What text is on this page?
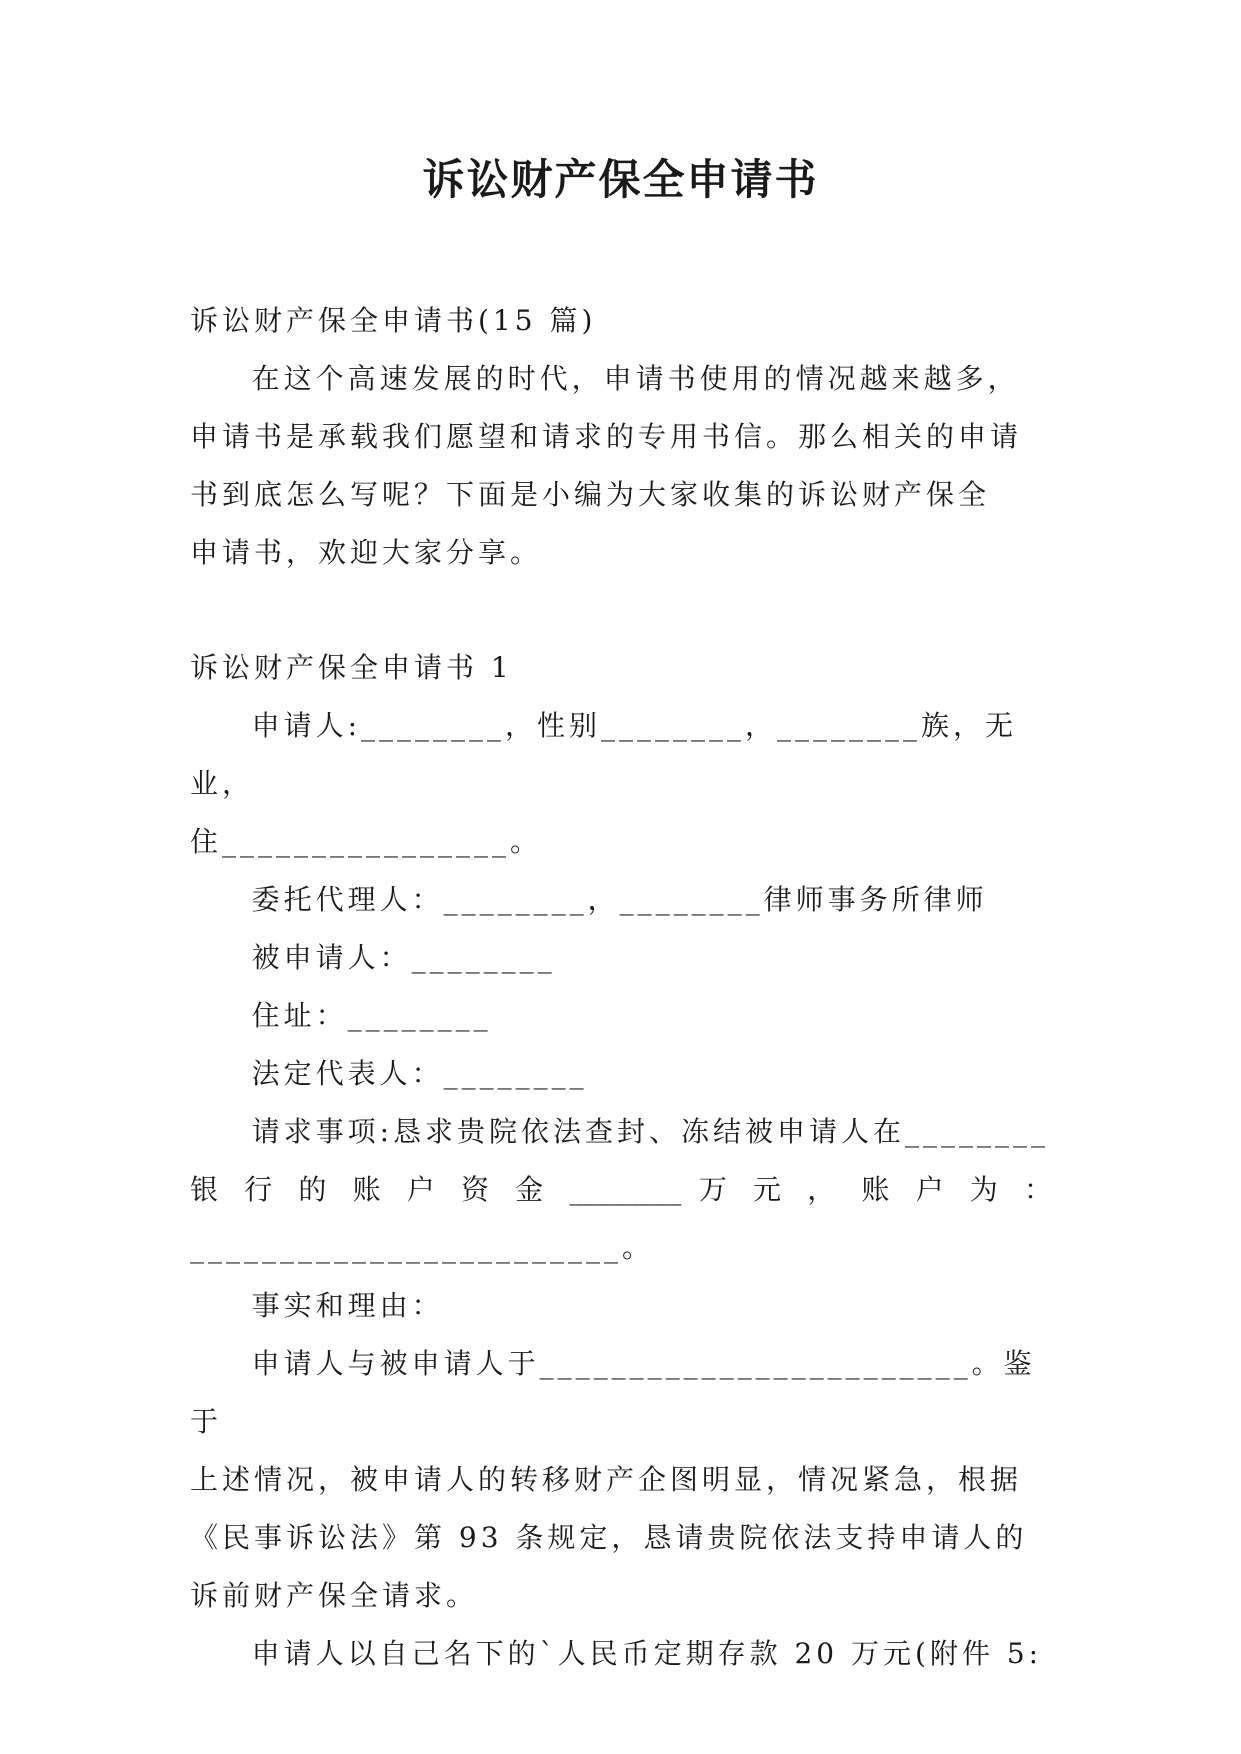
诉讼财产保全申请书

诉讼财产保全申请书(15 篇)

在这个高速发展的时代，申请书使用的情况越来越多，

申请书是承载我们愿望和请求的专用书信。那么相关的申请

书到底怎么写呢？下面是小编为大家收集的诉讼财产保全

申请书，欢迎大家分享。

诉讼财产保全申请书 1

申请人:________，性别________，________族，无业，

住________________。

委托代理人：________，________律师事务所律师

被申请人：________

住址：________

法定代表人：________

请求事项:恳求贵院依法查封、冻结被申请人在________

银 行 的 账 户 资 金 ________ 万 元 ， 账 户 为 ：

________________________。

事实和理由：

申请人与被申请人于________________________。鉴于

上述情况，被申请人的转移财产企图明显，情况紧急，根据

《民事诉讼法》第 93 条规定，恳请贵院依法支持申请人的

诉前财产保全请求。

申请人以自己名下的`人民币定期存款 20 万元(附件 5:
